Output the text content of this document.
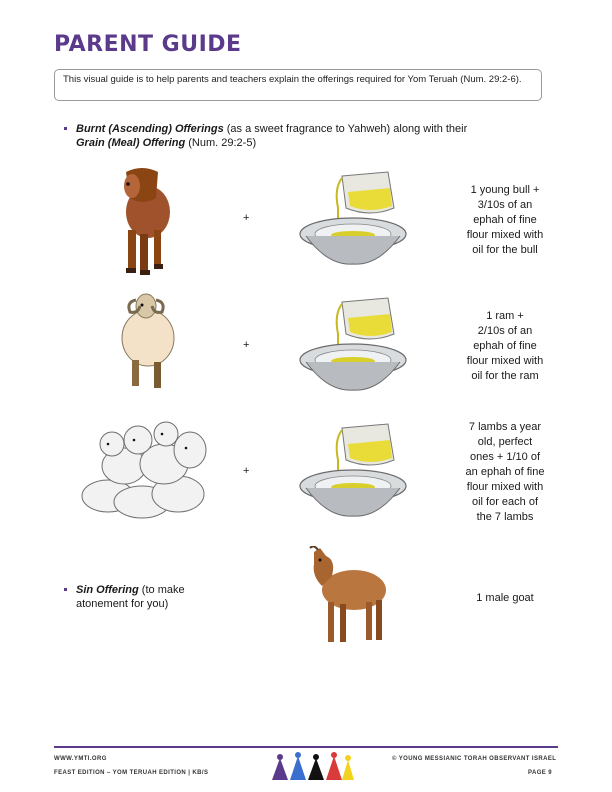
PARENT GUIDE
This visual guide is to help parents and teachers explain the offerings required for Yom Teruah (Num. 29:2-6).
Burnt (Ascending) Offerings (as a sweet fragrance to Yahweh) along with their
Grain (Meal) Offering (Num. 29:2-5)
+
1 young bull +
3/10s of an
ephah of fine
flour mixed with
oil for the bull
+
1 ram +
2/10s of an
ephah of fine
flour mixed with
oil for the ram
+
7 lambs a year
old, perfect
ones + 1/10 of
an ephah of fine
flour mixed with
oil for each of
the 7 lambs
Sin Offering (to make
atonement for you)	1 male goat
WWW.YMTI.ORG
FEAST EDITION – YOM TERUAH EDITION | KB/S
© YOUNG MESSIANIC TORAH OBSERVANT ISRAEL
PAGE 9
